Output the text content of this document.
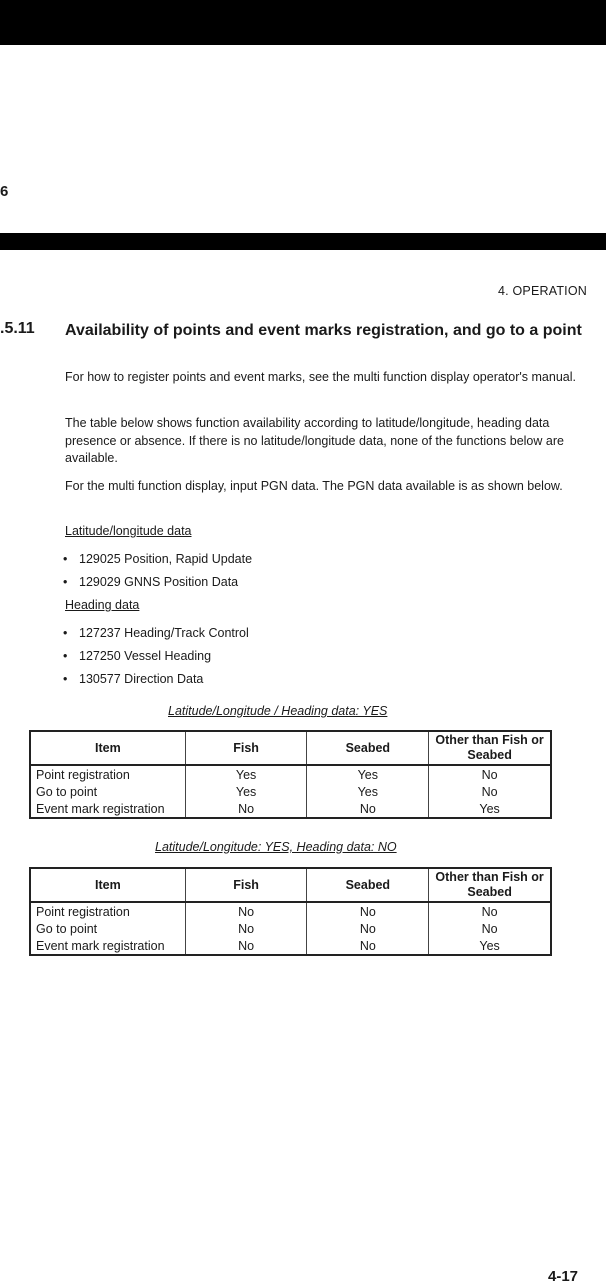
6
4. OPERATION
.5.11 Availability of points and event marks registration, and go to a point

For how to register points and event marks, see the multi function display operator's manual.

The table below shows function availability according to latitude/longitude, heading data presence or absence. If there is no latitude/longitude data, none of the functions below are available.

For the multi function display, input PGN data. The PGN data available is as shown below.

Latitude/longitude data
• 129025 Position, Rapid Update
• 129029 GNNS Position Data
Heading data
• 127237 Heading/Track Control
• 127250 Vessel Heading
• 130577 Direction Data
Latitude/Longitude / Heading data: YES
Item	Fish	Seabed	Other than Fish or Seabed
Point registration	Yes	Yes	No
Go to point	Yes	Yes	No
Event mark registration	No	No	Yes
Latitude/Longitude: YES, Heading data: NO
Item	Fish	Seabed	Other than Fish or Seabed
Point registration	No	No	No
Go to point	No	No	No
Event mark registration	No	No	Yes
4-17
